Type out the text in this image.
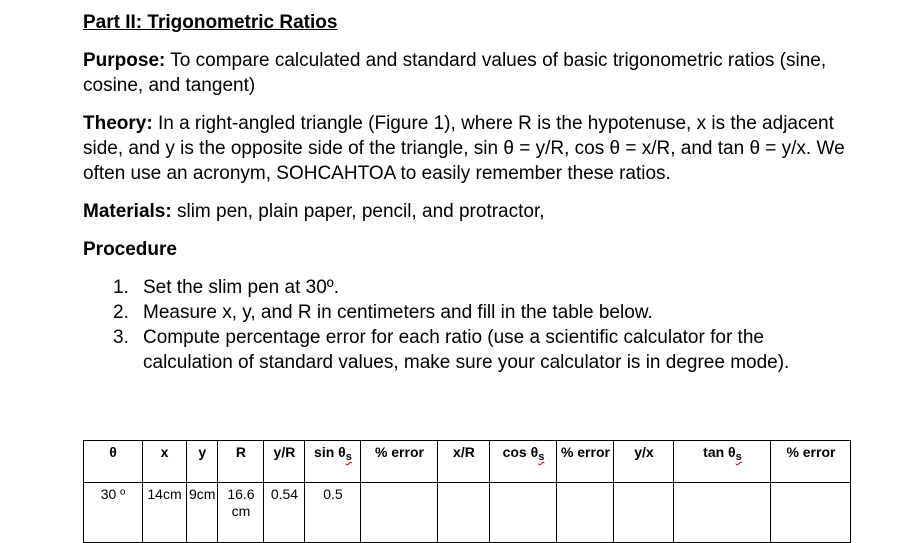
Part II: Trigonometric Ratios
Purpose: To compare calculated and standard values of basic trigonometric ratios (sine, cosine, and tangent)
Theory: In a right-angled triangle (Figure 1), where R is the hypotenuse, x is the adjacent side, and y is the opposite side of the triangle, sin θ = y/R, cos θ = x/R, and tan θ = y/x. We often use an acronym, SOHCAHTOA to easily remember these ratios.
Materials: slim pen, plain paper, pencil, and protractor,
Procedure
1. Set the slim pen at 30º.
2. Measure x, y, and R in centimeters and fill in the table below.
3. Compute percentage error for each ratio (use a scientific calculator for the calculation of standard values, make sure your calculator is in degree mode).
θ	x	y	R	y/R	$\sin \theta_s$	% error	x/R	$\cos \theta_s$	% error	y/x	$\tan \theta_s$	% error
30 º	14cm	9cm	16.6 cm	0.54	0.5							
